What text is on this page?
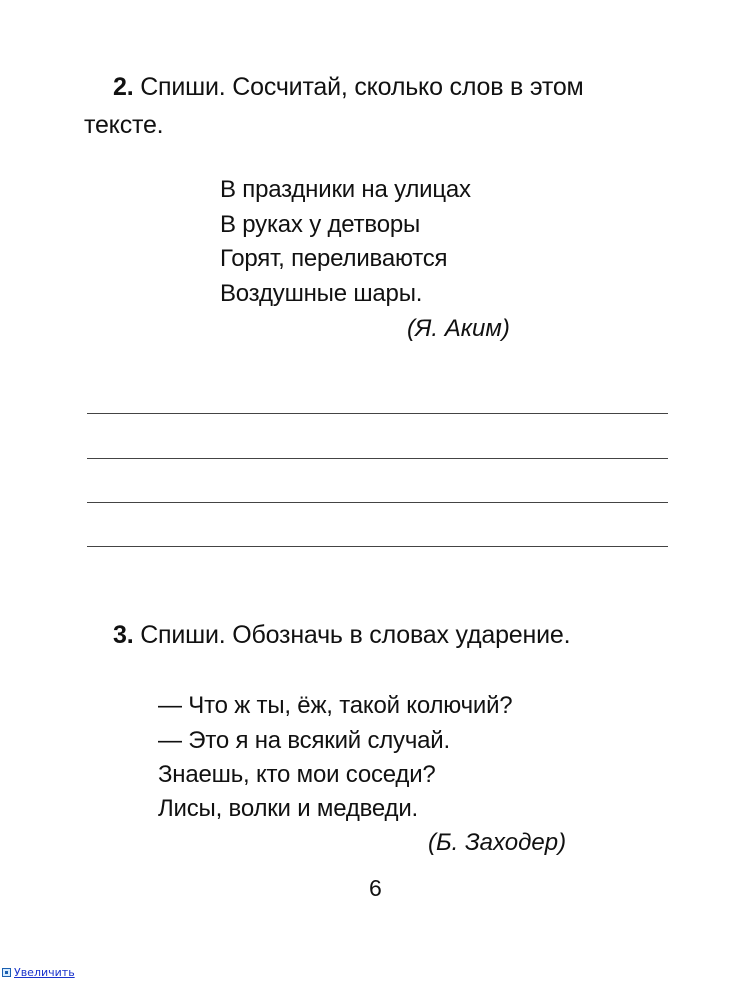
2. Спиши. Сосчитай, сколько слов в этом
тексте.
В праздники на улицах
В руках у детворы
Горят, переливаются
Воздушные шары.
(Я. Аким)
3. Спиши. Обозначь в словах ударение.
— Что ж ты, ёж, такой колючий?
— Это я на всякий случай.
Знаешь, кто мои соседи?
Лисы, волки и медведи.
(Б. Заходер)
6
Увеличить
